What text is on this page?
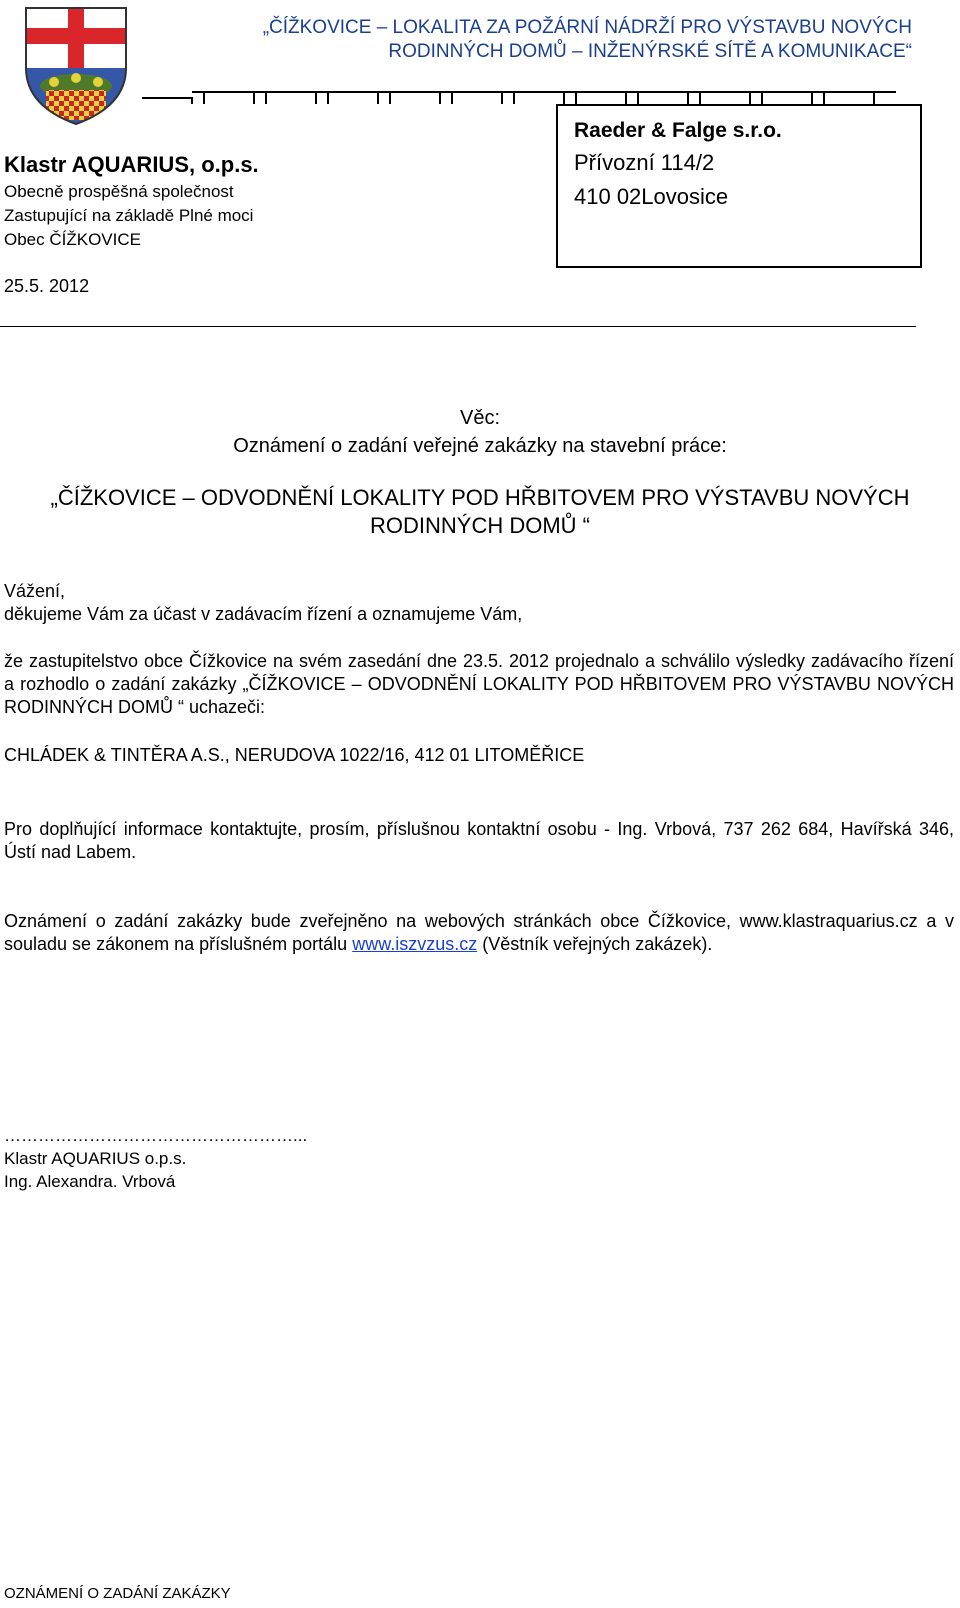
„ČÍŽKOVICE – LOKALITA ZA POŽÁRNÍ NÁDRŽÍ PRO VÝSTAVBU NOVÝCH
RODINNÝCH DOMŮ – INŽENÝRSKÉ SÍTĚ A KOMUNIKACE“
Klastr AQUARIUS, o.p.s.
Obecně prospěšná společnost
Zastupující na základě Plné moci
Obec ČÍŽKOVICE
Raeder & Falge s.r.o.
Přívozní 114/2
410 02Lovosice
25.5. 2012
Věc:
Oznámení o zadání veřejné zakázky na stavební práce:
„ČÍŽKOVICE – ODVODNĚNÍ LOKALITY POD HŘBITOVEM PRO VÝSTAVBU NOVÝCH
RODINNÝCH DOMŮ “
Vážení,
děkujeme Vám za účast v zadávacím řízení a oznamujeme Vám,
že zastupitelstvo obce Čížkovice na svém zasedání dne 23.5. 2012 projednalo a schválilo výsledky zadávacího řízení a rozhodlo o zadání zakázky „ČÍŽKOVICE – ODVODNĚNÍ LOKALITY POD HŘBITOVEM PRO VÝSTAVBU NOVÝCH RODINNÝCH DOMŮ “ uchazeči:
CHLÁDEK & TINTĚRA A.S., NERUDOVA 1022/16, 412 01 LITOMĚŘICE
Pro doplňující informace kontaktujte, prosím, příslušnou kontaktní osobu - Ing. Vrbová, 737 262 684, Havířská 346, Ústí nad Labem.
Oznámení o zadání zakázky bude zveřejněno na webových stránkách obce Čížkovice, www.klastraquarius.cz a v souladu se zákonem na příslušném portálu www.iszvzus.cz (Věstník veřejných zakázek).
……………………………………………...
Klastr AQUARIUS o.p.s.
Ing. Alexandra. Vrbová
OZNÁMENÍ O ZADÁNÍ ZAKÁZKY
